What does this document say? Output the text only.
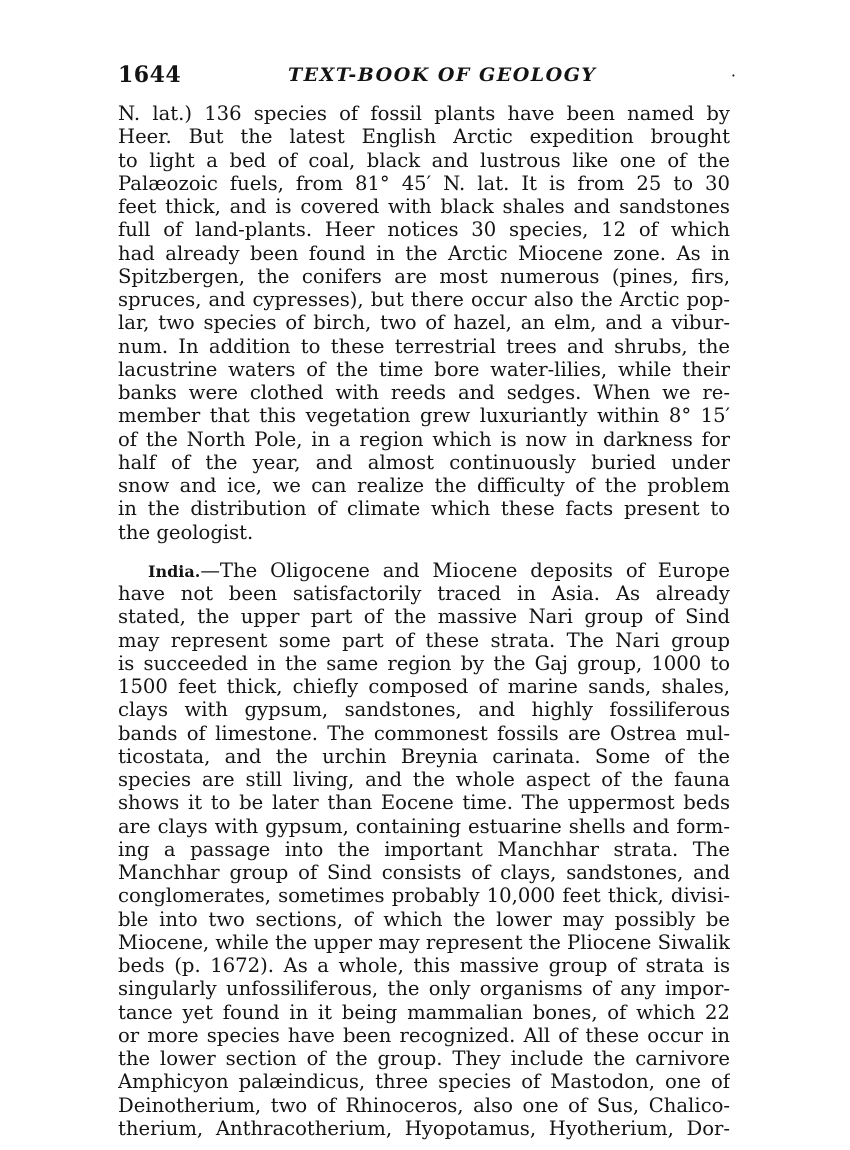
1644	TEXT-BOOK OF GEOLOGY	·
N. lat.) 136 species of fossil plants have been named by
Heer. But the latest English Arctic expedition brought
to light a bed of coal, black and lustrous like one of the
Palæozoic fuels, from 81° 45′ N. lat. It is from 25 to 30
feet thick, and is covered with black shales and sandstones
full of land-plants. Heer notices 30 species, 12 of which
had already been found in the Arctic Miocene zone. As in
Spitzbergen, the conifers are most numerous (pines, firs,
spruces, and cypresses), but there occur also the Arctic pop-
lar, two species of birch, two of hazel, an elm, and a vibur-
num. In addition to these terrestrial trees and shrubs, the
lacustrine waters of the time bore water-lilies, while their
banks were clothed with reeds and sedges. When we re-
member that this vegetation grew luxuriantly within 8° 15′
of the North Pole, in a region which is now in darkness for
half of the year, and almost continuously buried under
snow and ice, we can realize the difficulty of the problem
in the distribution of climate which these facts present to
the geologist.
India.—The Oligocene and Miocene deposits of Europe
have not been satisfactorily traced in Asia. As already
stated, the upper part of the massive Nari group of Sind
may represent some part of these strata. The Nari group
is succeeded in the same region by the Gaj group, 1000 to
1500 feet thick, chiefly composed of marine sands, shales,
clays with gypsum, sandstones, and highly fossiliferous
bands of limestone. The commonest fossils are Ostrea mul-
ticostata, and the urchin Breynia carinata. Some of the
species are still living, and the whole aspect of the fauna
shows it to be later than Eocene time. The uppermost beds
are clays with gypsum, containing estuarine shells and form-
ing a passage into the important Manchhar strata. The
Manchhar group of Sind consists of clays, sandstones, and
conglomerates, sometimes probably 10,000 feet thick, divisi-
ble into two sections, of which the lower may possibly be
Miocene, while the upper may represent the Pliocene Siwalik
beds (p. 1672). As a whole, this massive group of strata is
singularly unfossiliferous, the only organisms of any impor-
tance yet found in it being mammalian bones, of which 22
or more species have been recognized. All of these occur in
the lower section of the group. They include the carnivore
Amphicyon palæindicus, three species of Mastodon, one of
Deinotherium, two of Rhinoceros, also one of Sus, Chalico-
therium, Anthracotherium, Hyopotamus, Hyotherium, Dor-
